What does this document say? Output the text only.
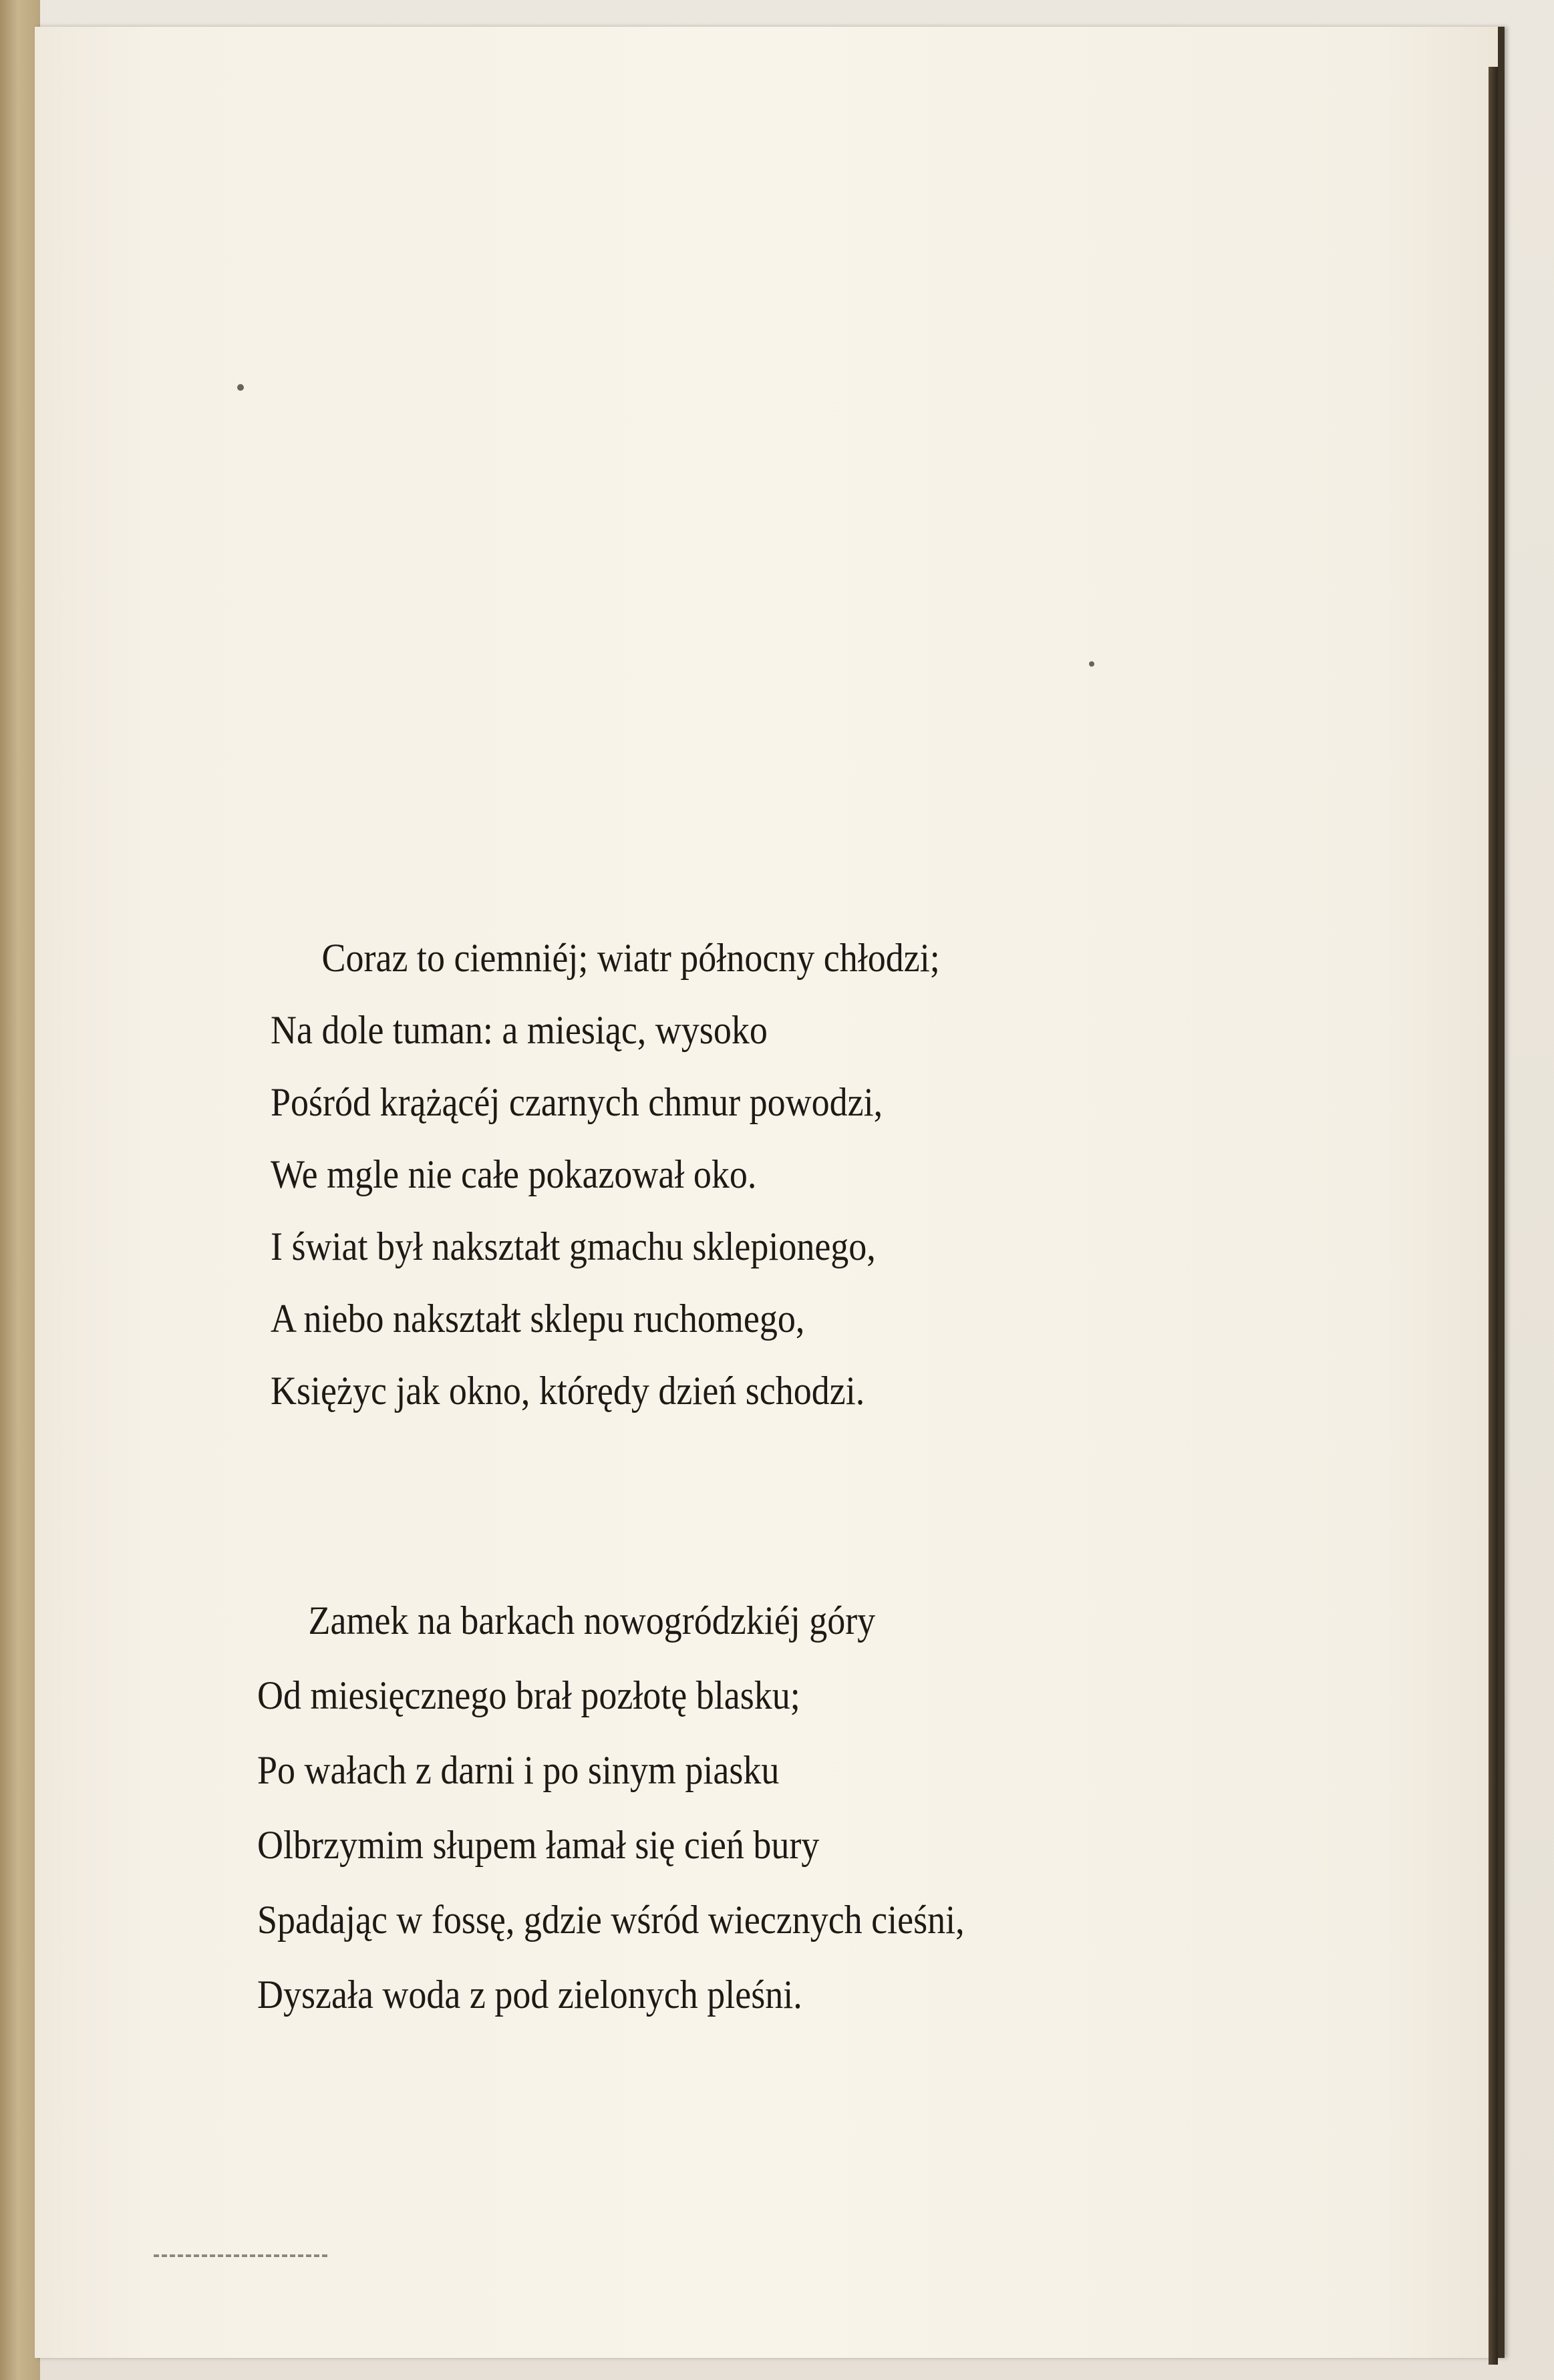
Coraz to ciemniéj; wiatr północny chłodzi;
Na dole tuman: a miesiąc, wysoko
Pośród krążącéj czarnych chmur powodzi,
We mgle nie całe pokazował oko.
I świat był nakształt gmachu sklepionego,
A niebo nakształt sklepu ruchomego,
Księżyc jak okno, którędy dzień schodzi.
Zamek na barkach nowogródzkiéj góry
Od miesięcznego brał pozłotę blasku;
Po wałach z darni i po sinym piasku
Olbrzymim słupem łamał się cień bury
Spadając w fossę, gdzie wśród wiecznych cieśni,
Dyszała woda z pod zielonych pleśni.
